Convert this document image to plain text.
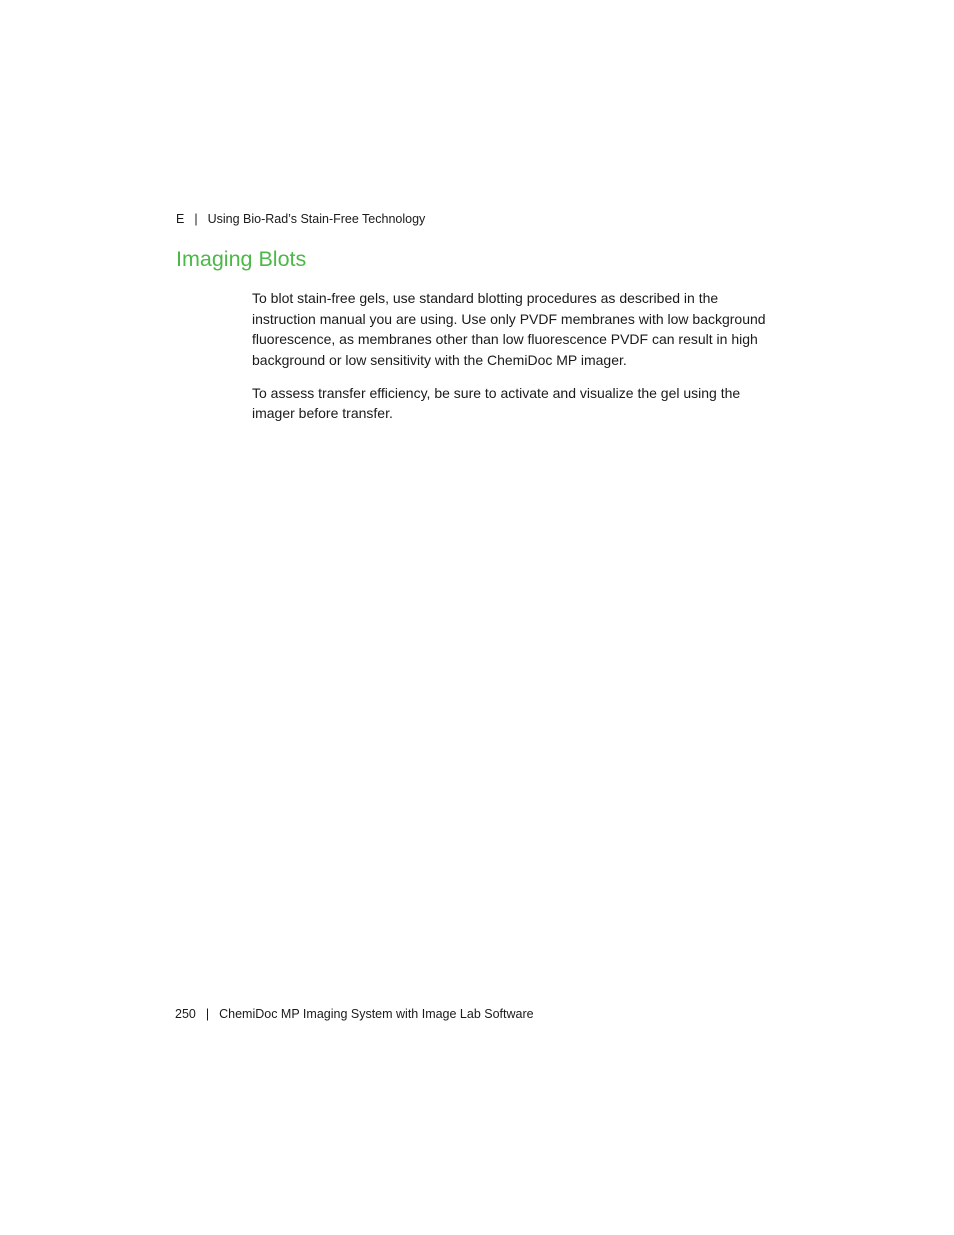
E | Using Bio-Rad’s Stain-Free Technology
Imaging Blots

To blot stain-free gels, use standard blotting procedures as described in the
instruction manual you are using. Use only PVDF membranes with low background
fluorescence, as membranes other than low fluorescence PVDF can result in high
background or low sensitivity with the ChemiDoc MP imager.

To assess transfer efficiency, be sure to activate and visualize the gel using the
imager before transfer.

250 | ChemiDoc MP Imaging System with Image Lab Software
